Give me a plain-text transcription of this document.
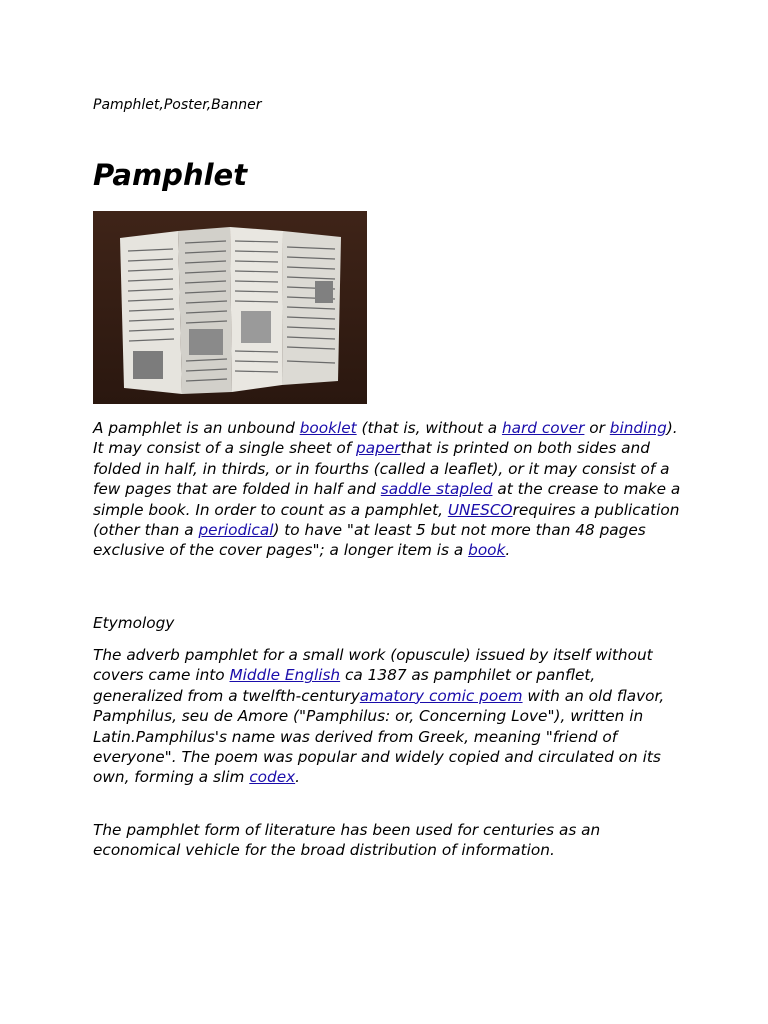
Pamphlet,Poster,Banner
Pamphlet

A pamphlet is an unbound booklet (that is, without a hard cover or binding). It may consist of a single sheet of paperthat is printed on both sides and folded in half, in thirds, or in fourths (called a leaflet), or it may consist of a few pages that are folded in half and saddle stapled at the crease to make a simple book. In order to count as a pamphlet, UNESCOrequires a publication (other than a periodical) to have "at least 5 but not more than 48 pages exclusive of the cover pages"; a longer item is a book.

Etymology

The adverb pamphlet for a small work (opuscule) issued by itself without covers came into Middle English ca 1387 as pamphilet or panflet, generalized from a twelfth-centuryamatory comic poem with an old flavor, Pamphilus, seu de Amore ("Pamphilus: or, Concerning Love"), written in Latin.Pamphilus's name was derived from Greek, meaning "friend of everyone". The poem was popular and widely copied and circulated on its own, forming a slim codex.

The pamphlet form of literature has been used for centuries as an economical vehicle for the broad distribution of information.
